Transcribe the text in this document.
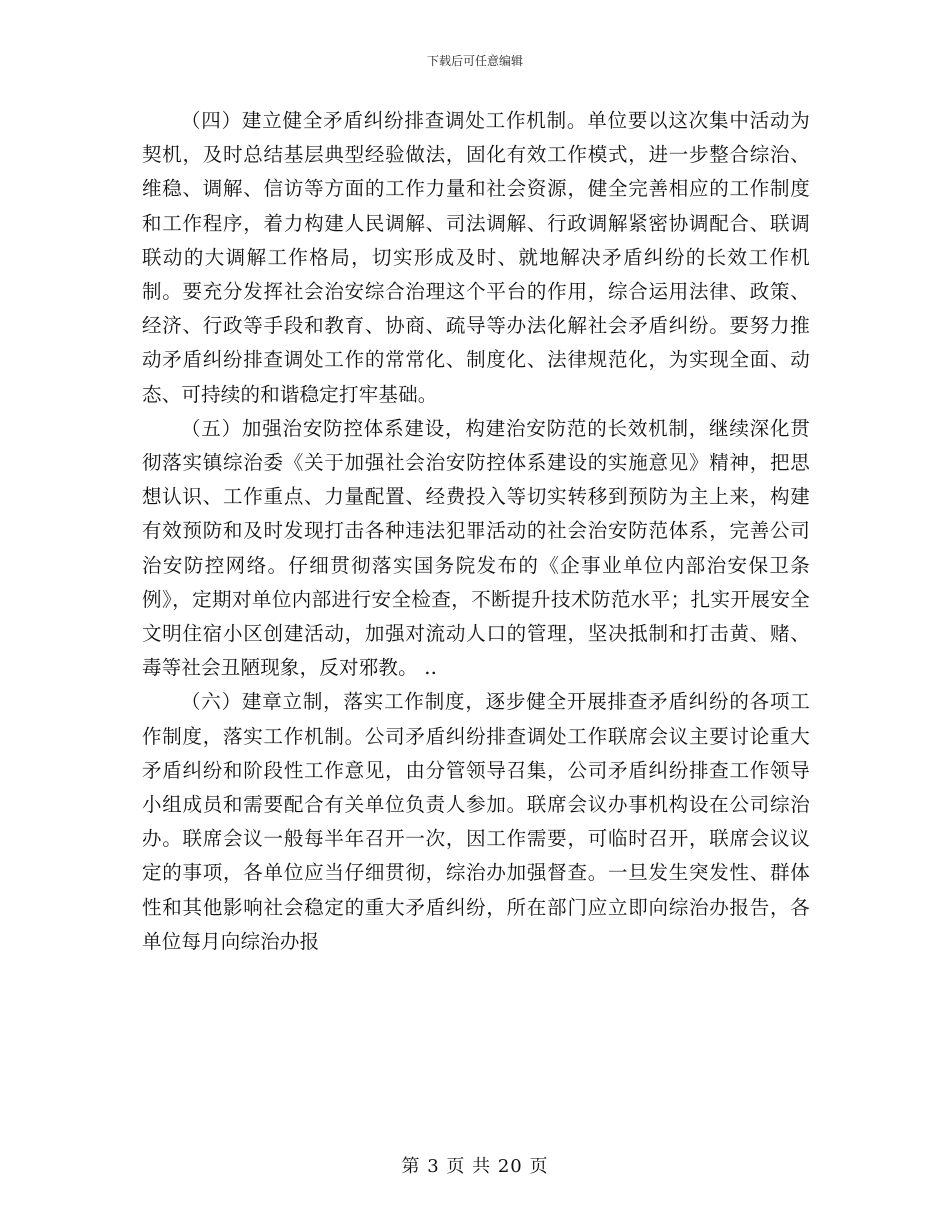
下载后可任意编辑

（四）建立健全矛盾纠纷排查调处工作机制。单位要以这次集中活动为契机，及时总结基层典型经验做法，固化有效工作模式，进一步整合综治、维稳、调解、信访等方面的工作力量和社会资源，健全完善相应的工作制度和工作程序，着力构建人民调解、司法调解、行政调解紧密协调配合、联调联动的大调解工作格局，切实形成及时、就地解决矛盾纠纷的长效工作机制。要充分发挥社会治安综合治理这个平台的作用，综合运用法律、政策、经济、行政等手段和教育、协商、疏导等办法化解社会矛盾纠纷。要努力推动矛盾纠纷排查调处工作的常常化、制度化、法律规范化，为实现全面、动态、可持续的和谐稳定打牢基础。

（五）加强治安防控体系建设，构建治安防范的长效机制，继续深化贯彻落实镇综治委《关于加强社会治安防控体系建设的实施意见》精神，把思想认识、工作重点、力量配置、经费投入等切实转移到预防为主上来，构建有效预防和及时发现打击各种违法犯罪活动的社会治安防范体系，完善公司治安防控网络。仔细贯彻落实国务院发布的《企事业单位内部治安保卫条例》，定期对单位内部进行安全检查，不断提升技术防范水平；扎实开展安全文明住宿小区创建活动，加强对流动人口的管理，坚决抵制和打击黄、赌、毒等社会丑陋现象，反对邪教。 ..

（六）建章立制，落实工作制度，逐步健全开展排查矛盾纠纷的各项工作制度，落实工作机制。公司矛盾纠纷排查调处工作联席会议主要讨论重大矛盾纠纷和阶段性工作意见，由分管领导召集，公司矛盾纠纷排查工作领导小组成员和需要配合有关单位负责人参加。联席会议办事机构设在公司综治办。联席会议一般每半年召开一次，因工作需要，可临时召开，联席会议议定的事项，各单位应当仔细贯彻，综治办加强督查。一旦发生突发性、群体性和其他影响社会稳定的重大矛盾纠纷，所在部门应立即向综治办报告，各单位每月向综治办报

第 3 页 共 20 页
